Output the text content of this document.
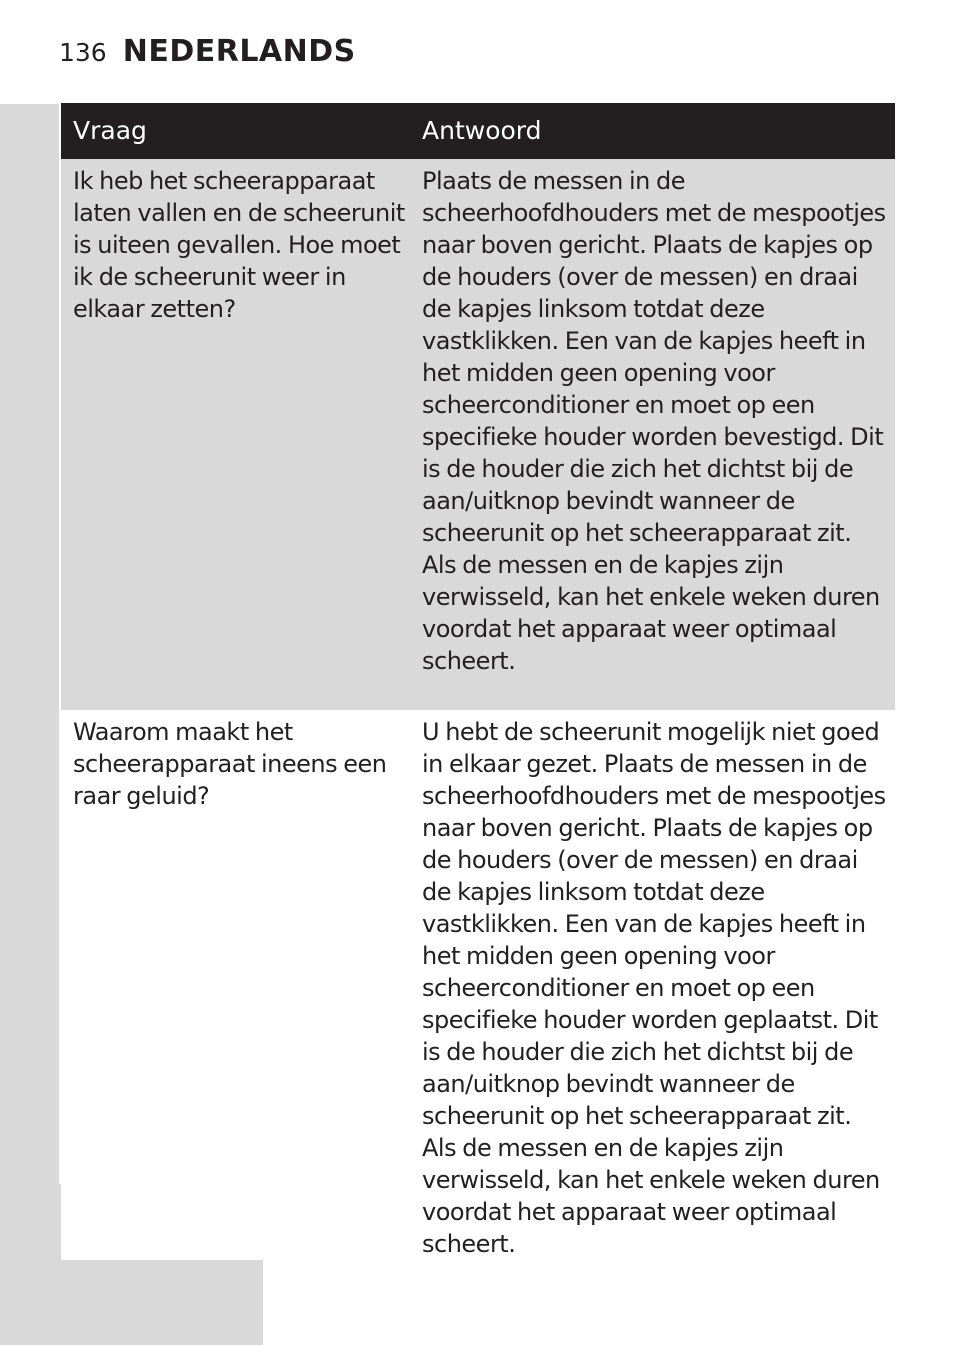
136 NEDERLANDS
Vraag	Antwoord
Ik heb het scheerapparaat laten vallen en de scheerunit is uiteen gevallen. Hoe moet ik de scheerunit weer in elkaar zetten?
Plaats de messen in de scheerhoofdhouders met de mespootjes naar boven gericht. Plaats de kapjes op de houders (over de messen) en draai de kapjes linksom totdat deze vastklikken. Een van de kapjes heeft in het midden geen opening voor scheerconditioner en moet op een specifieke houder worden bevestigd. Dit is de houder die zich het dichtst bij de aan/uitknop bevindt wanneer de scheerunit op het scheerapparaat zit. Als de messen en de kapjes zijn verwisseld, kan het enkele weken duren voordat het apparaat weer optimaal scheert.
Waarom maakt het scheerapparaat ineens een raar geluid?
U hebt de scheerunit mogelijk niet goed in elkaar gezet. Plaats de messen in de scheerhoofdhouders met de mespootjes naar boven gericht. Plaats de kapjes op de houders (over de messen) en draai de kapjes linksom totdat deze vastklikken. Een van de kapjes heeft in het midden geen opening voor scheerconditioner en moet op een specifieke houder worden geplaatst. Dit is de houder die zich het dichtst bij de aan/uitknop bevindt wanneer de scheerunit op het scheerapparaat zit. Als de messen en de kapjes zijn verwisseld, kan het enkele weken duren voordat het apparaat weer optimaal scheert.
